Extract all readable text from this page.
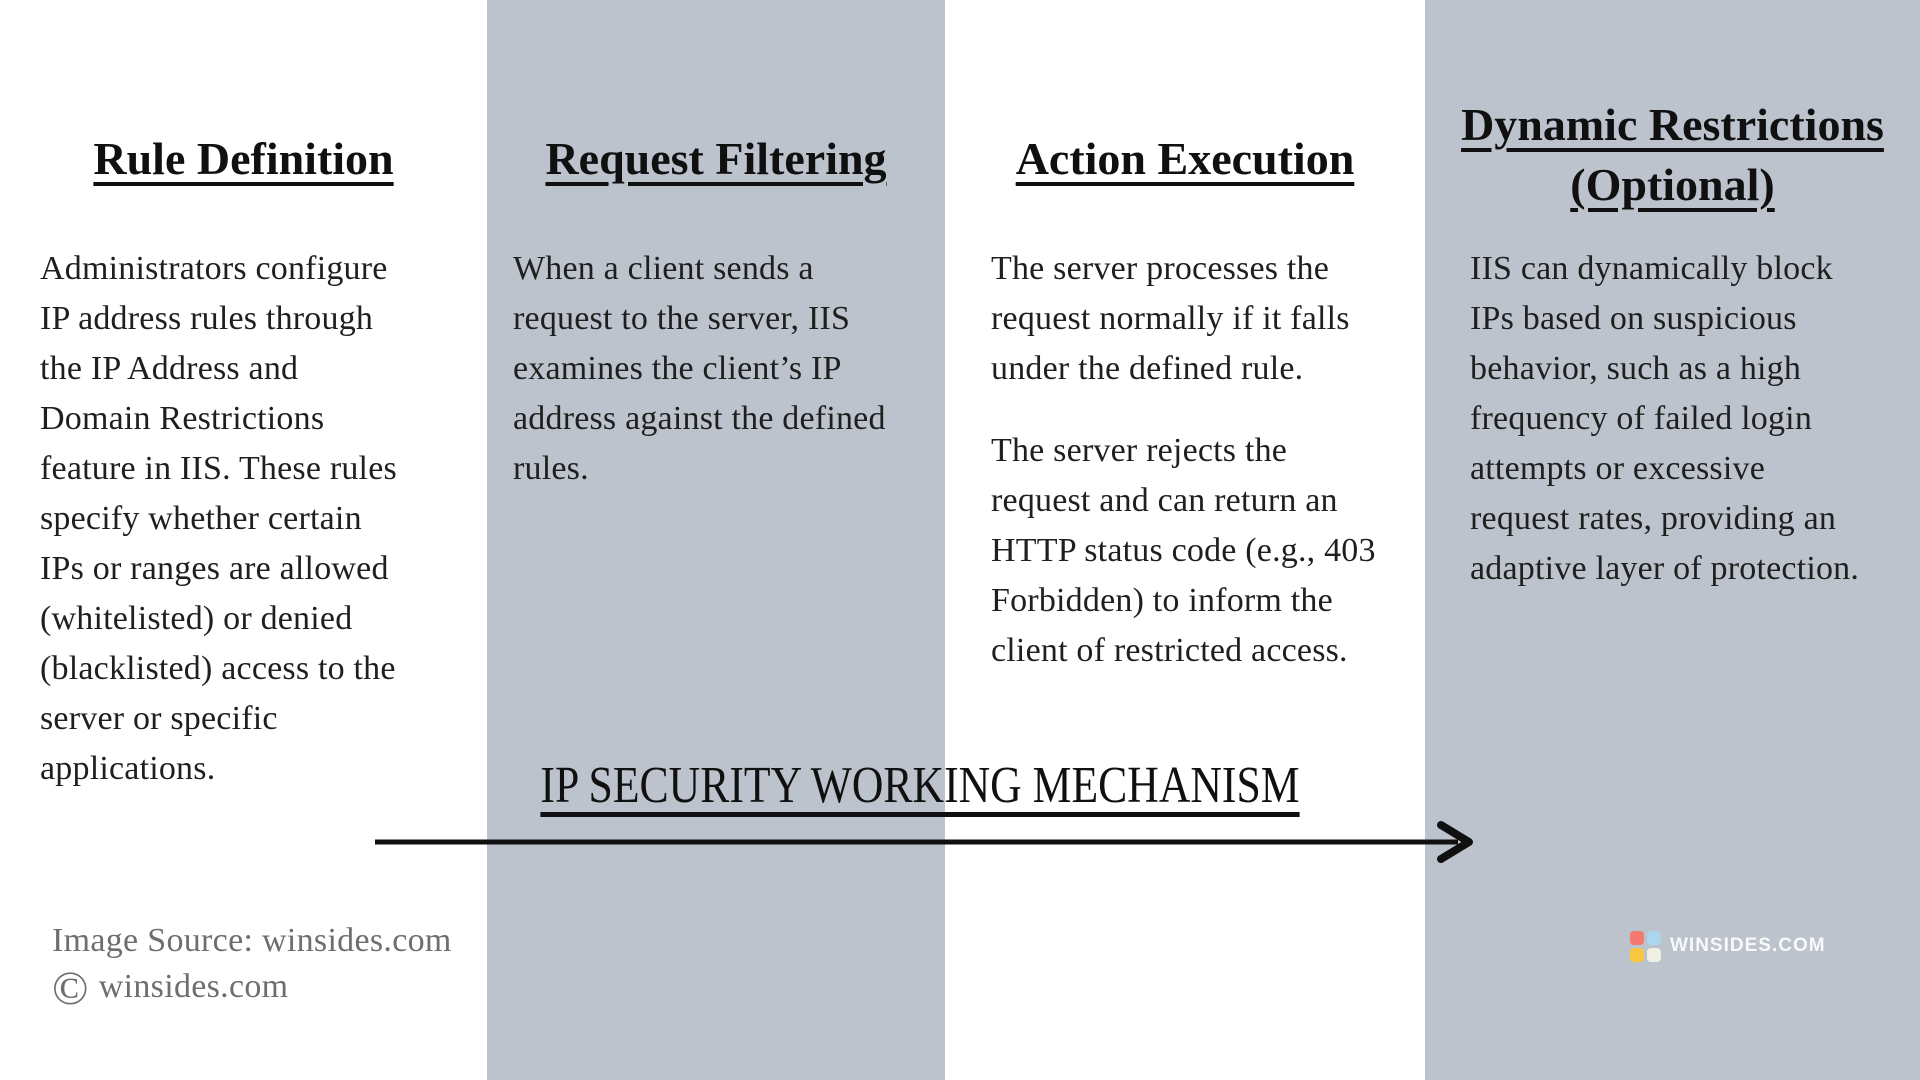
Rule Definition

Administrators configure IP address rules through the IP Address and Domain Restrictions feature in IIS. These rules specify whether certain IPs or ranges are allowed (whitelisted) or denied (blacklisted) access to the server or specific applications.

Request Filtering

When a client sends a request to the server, IIS examines the client’s IP address against the defined rules.

Action Execution

The server processes the request normally if it falls under the defined rule.

The server rejects the request and can return an HTTP status code (e.g., 403 Forbidden) to inform the client of restricted access.

Dynamic Restrictions
(Optional)

IIS can dynamically block IPs based on suspicious behavior, such as a high frequency of failed login attempts or excessive request rates, providing an adaptive layer of protection.

IP SECURITY WORKING MECHANISM
Image Source: winsides.com
© winsides.com
WINSIDES.COM
